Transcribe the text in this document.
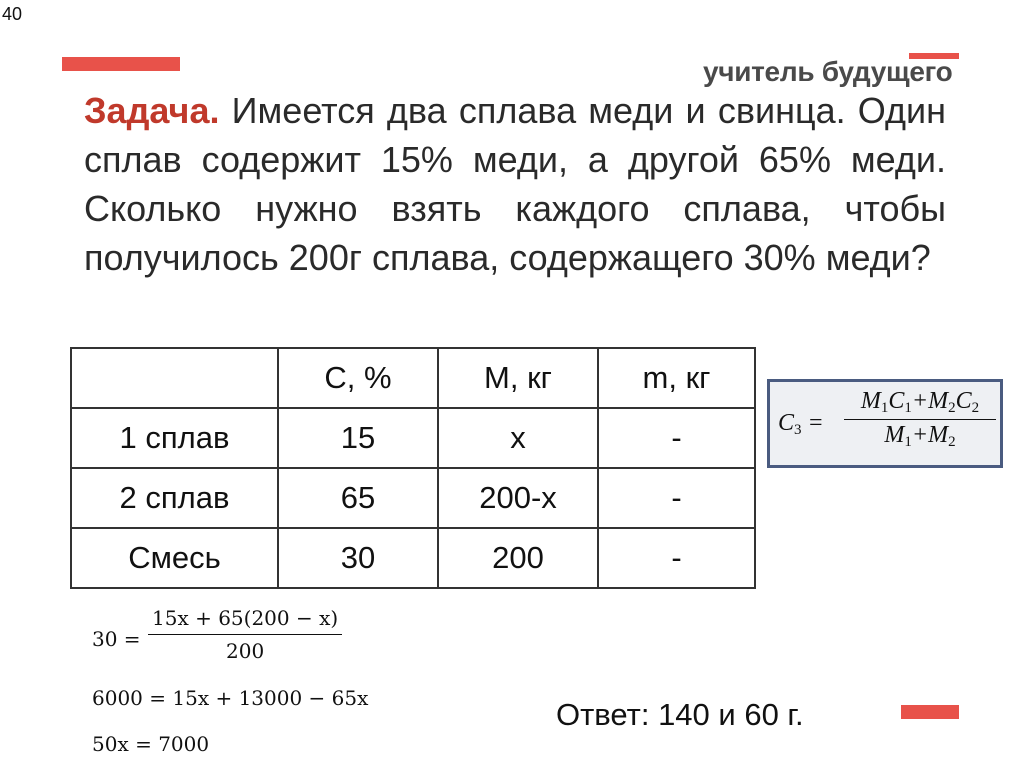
40
учитель будущего
Задача. Имеется два сплава меди и свинца. Один сплав содержит 15% меди, а другой 65% меди. Сколько нужно взять каждого сплава, чтобы получилось 200г сплава, содержащего 30% меди?
	C, %	M, кг	m, кг
1 сплав	15	x	-
2 сплав	65	200-x	-
Смесь	30	200	-
$C_3 = \frac{M_1C_1+M_2C_2}{M_1+M_2}$
$30 = \frac{15x + 65(200 - x)}{200}$
6000 = 15x + 13000 − 65x
50x = 7000
Ответ: 140 и 60 г.
